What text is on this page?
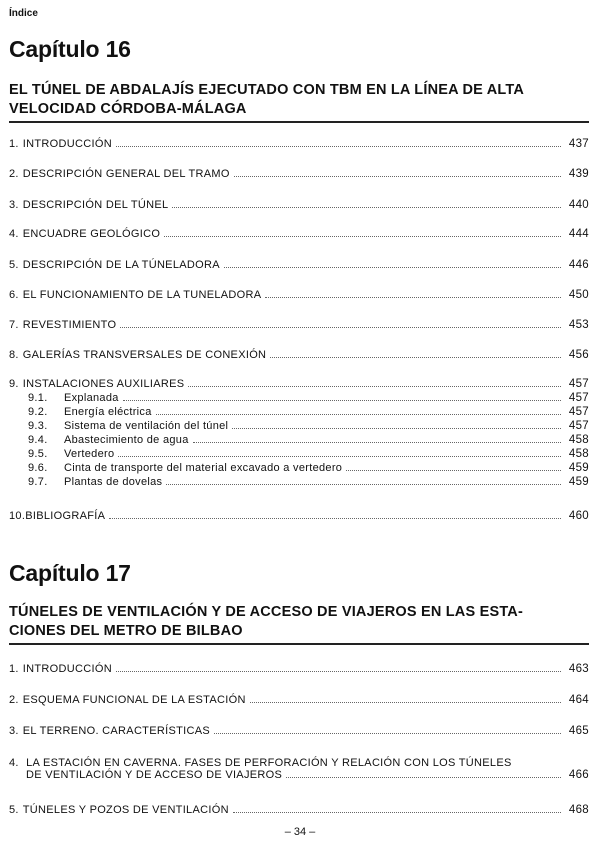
Índice
Capítulo 16
EL TÚNEL DE ABDALAJÍS EJECUTADO CON TBM EN LA LÍNEA DE ALTA
VELOCIDAD CÓRDOBA-MÁLAGA
1. INTRODUCCIÓN	437
2. DESCRIPCIÓN GENERAL DEL TRAMO	439
3. DESCRIPCIÓN DEL TÚNEL	440
4. ENCUADRE GEOLÓGICO	444
5. DESCRIPCIÓN DE LA TÚNELADORA	446
6. EL FUNCIONAMIENTO DE LA TUNELADORA	450
7. REVESTIMIENTO	453
8. GALERÍAS TRANSVERSALES DE CONEXIÓN	456
9. INSTALACIONES AUXILIARES	457
9.1.	Explanada	457
9.2.	Energía eléctrica	457
9.3.	Sistema de ventilación del túnel	457
9.4.	Abastecimiento de agua	458
9.5.	Vertedero	458
9.6.	Cinta de transporte del material excavado a vertedero	459
9.7.	Plantas de dovelas	459
10. BIBLIOGRAFÍA	460
Capítulo 17
TÚNELES DE VENTILACIÓN Y DE ACCESO DE VIAJEROS EN LAS ESTA-
CIONES DEL METRO DE BILBAO
1. INTRODUCCIÓN	463
2. ESQUEMA FUNCIONAL DE LA ESTACIÓN	464
3. EL TERRENO. CARACTERÍSTICAS	465
4. LA ESTACIÓN EN CAVERNA. FASES DE PERFORACIÓN Y RELACIÓN CON LOS TÚNELES
DE VENTILACIÓN Y DE ACCESO DE VIAJEROS	466
5. TÚNELES Y POZOS DE VENTILACIÓN	468
– 34 –
